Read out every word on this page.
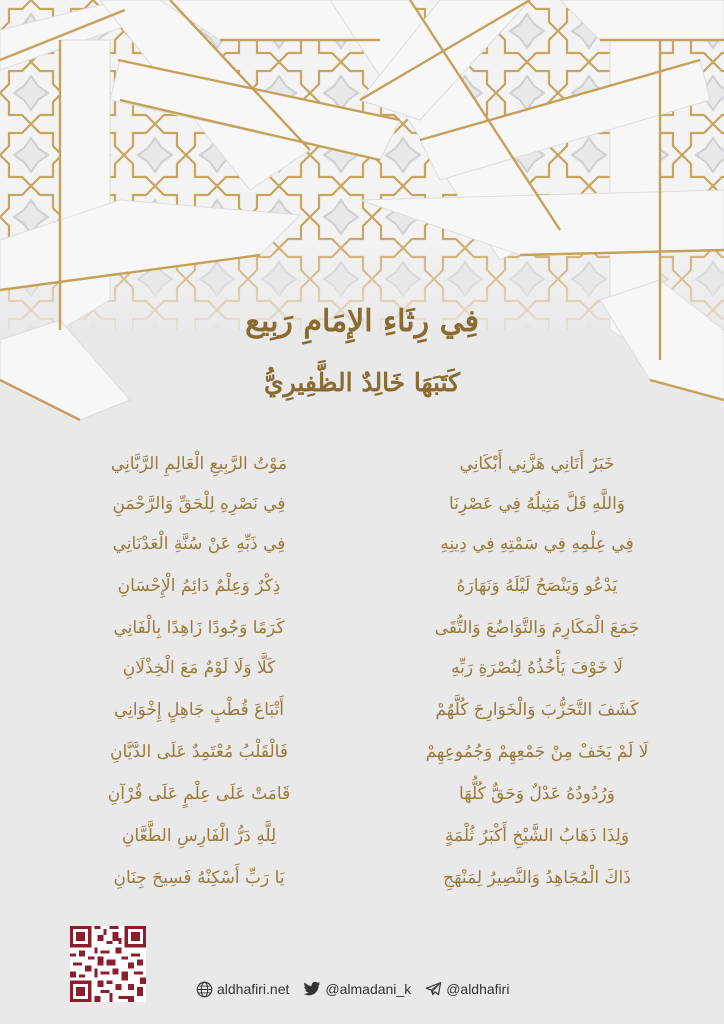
فِي رِثَاءِ الإِمَامِ رَبِيع
كَتَبَهَا خَالِدٌ الظَّفِيرِيُّ
خَبَرٌ أَتَانِي هَزَّنِي أَبْكَانِي
مَوْتُ الرَّبِيعِ الْعَالِمِ الرَّبَّانِي
وَاللَّهِ قَلَّ مَثِيلُهُ فِي عَصْرِنَا
فِي نَصْرِهِ لِلْحَقِّ وَالرَّحْمَنِ
فِي عِلْمِهِ فِي سَمْتِهِ فِي دِينِهِ
فِي ذَبِّهِ عَنْ سُنَّةِ الْعَدْنَانِي
يَدْعُو وَيَنْصَحُ لَيْلَهُ وَنَهَارَهُ
ذِكْرٌ وَعِلْمٌ دَائِمُ الْإِحْسَانِ
جَمَعَ الْمَكَارِمَ وَالتَّوَاضُعَ وَالتُّقَى
كَرَمًا وَجُودًا زَاهِدًا بِالْفَانِي
لَا خَوْفَ يَأْخُذُهُ لِنُصْرَةِ رَبِّهِ
كَلَّا وَلَا لَوْمٌ مَعَ الْخِذْلَانِ
كَشَفَ التَّحَزُّبَ وَالْخَوَارِجَ كُلَّهُمْ
أَتْبَاعَ قُطْبٍ جَاهِلٍ إِخْوَانِي
لَا لَمْ يَخَفْ مِنْ جَمْعِهِمْ وَجُمُوعِهِمْ
فَالْقَلْبُ مُعْتَمِدٌ عَلَى الدَّيَّانِ
وَرُدُودُهُ عَدْلٌ وَحَقٌّ كُلُّهَا
قَامَتْ عَلَى عِلْمٍ عَلَى قُرْآنِ
وَلِذَا ذَهَابُ الشَّيْخِ أَكْبَرُ ثُلْمَةٍ
لِلَّهِ دَرُّ الْفَارِسِ الطَّعَّانِ
ذَاكَ الْمُجَاهِدُ وَالنَّصِيرُ لِمَنْهَجِ
يَا رَبِّ أَسْكِنْهُ فَسِيحَ جِنَانِ
aldhafiri.net	@almadani_k	@aldhafiri
